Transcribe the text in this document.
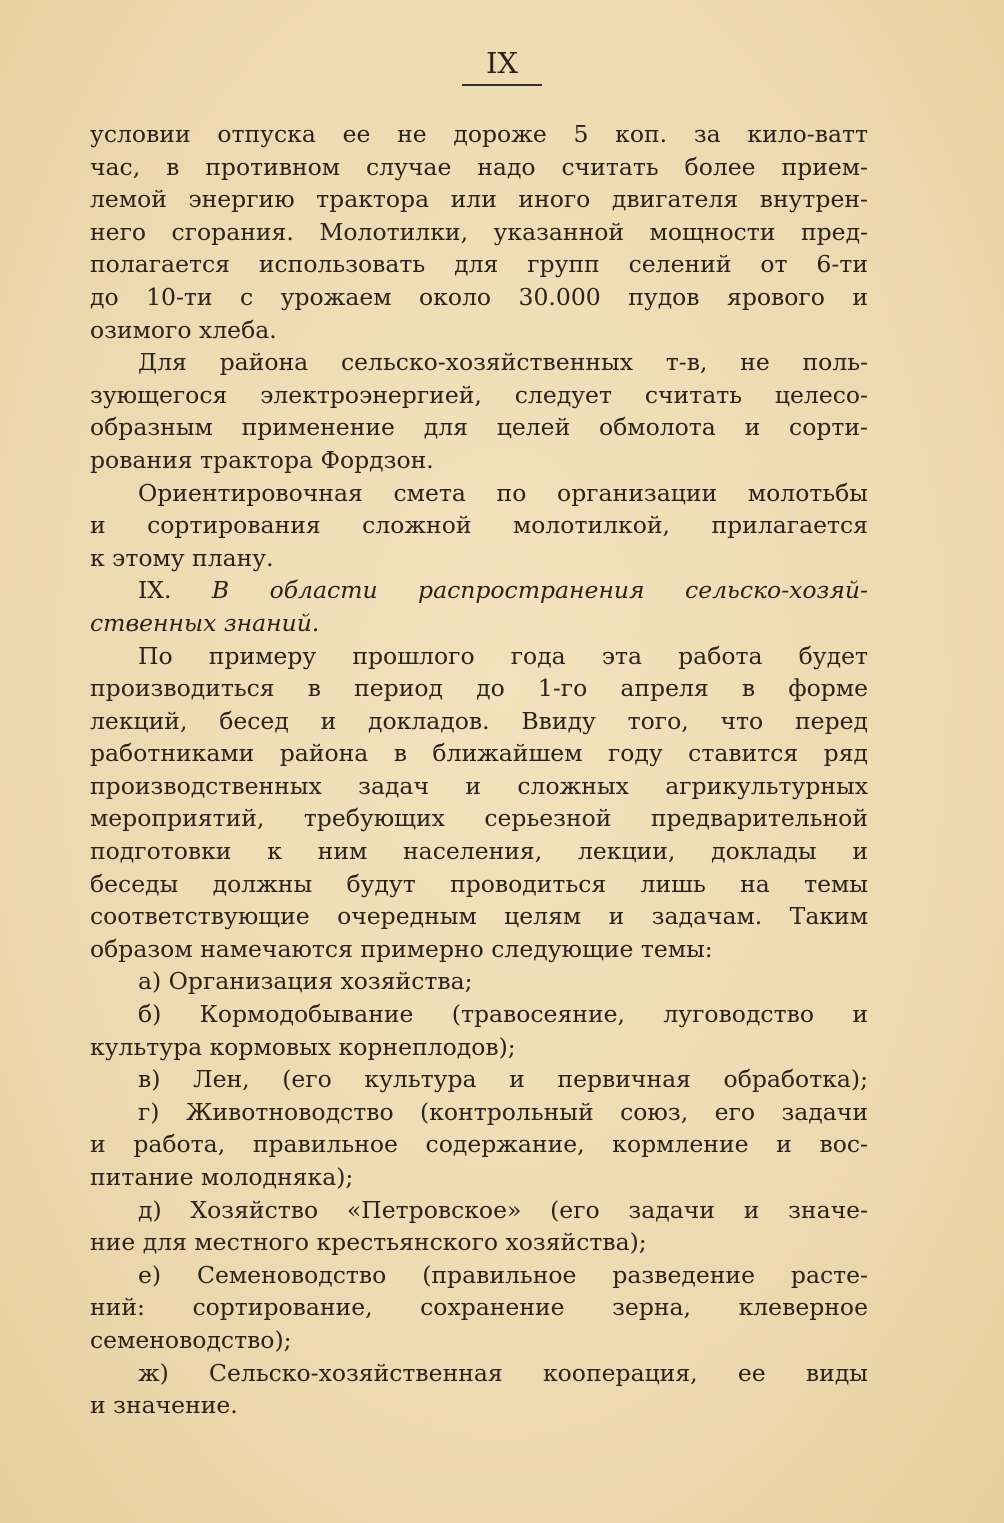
IX

условии отпуска ее не дороже 5 коп. за кило-ватт

час, в противном случае надо считать более прием-

лемой энергию трактора или иного двигателя внутрен-

него сгорания. Молотилки, указанной мощности пред-

полагается использовать для групп селений от 6-ти

до 10-ти с урожаем около 30.000 пудов ярового и

озимого хлеба.

Для района сельско-хозяйственных т-в, не поль-

зующегося электроэнергией, следует считать целесо-

образным применение для целей обмолота и сорти-

рования трактора Фордзон.

Ориентировочная смета по организации молотьбы

и сортирования сложной молотилкой, прилагается

к этому плану.

IX. В области распространения сельско-хозяй-

ственных знаний.

По примеру прошлого года эта работа будет

производиться в период до 1-го апреля в форме

лекций, бесед и докладов. Ввиду того, что перед

работниками района в ближайшем году ставится ряд

производственных задач и сложных агрикультурных

мероприятий, требующих серьезной предварительной

подготовки к ним населения, лекции, доклады и

беседы должны будут проводиться лишь на темы

соответствующие очередным целям и задачам. Таким

образом намечаются примерно следующие темы:

а) Организация хозяйства;

б) Кормодобывание (травосеяние, луговодство и

культура кормовых корнеплодов);

в) Лен, (его культура и первичная обработка);

г) Животноводство (контрольный союз, его задачи

и работа, правильное содержание, кормление и вос-

питание молодняка);

д) Хозяйство «Петровское» (его задачи и значе-

ние для местного крестьянского хозяйства);

е) Семеноводство (правильное разведение расте-

ний: сортирование, сохранение зерна, клеверное

семеноводство);

ж) Сельско-хозяйственная кооперация, ее виды

и значение.
